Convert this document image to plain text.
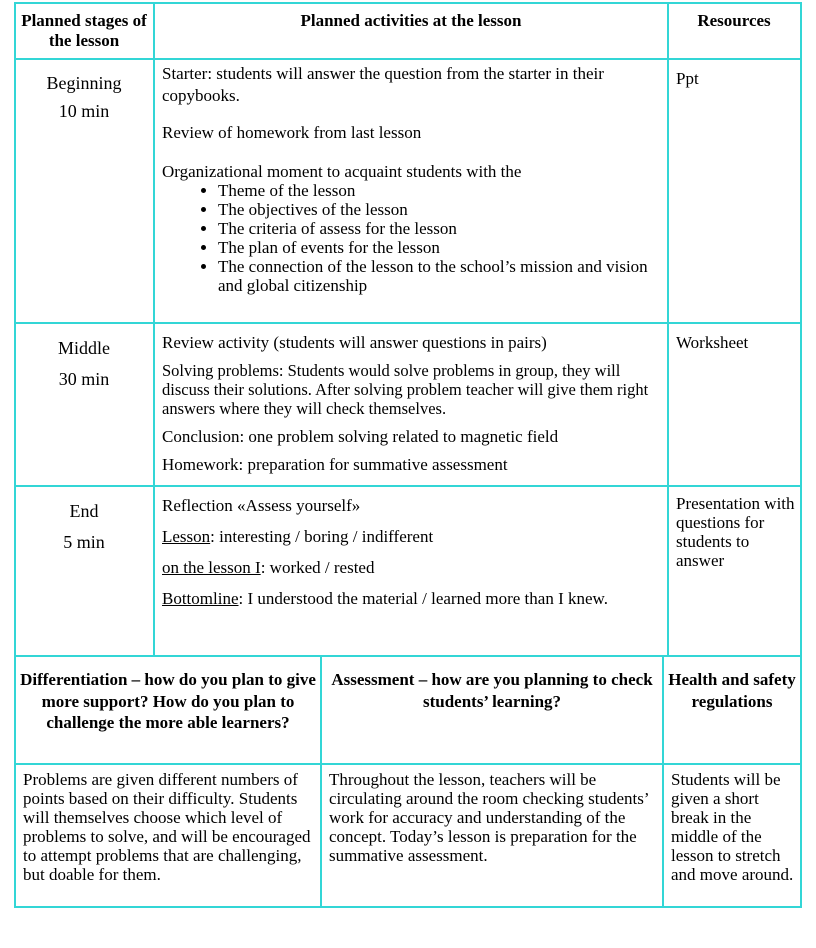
Planned stages of the lesson
Planned activities at the lesson	Resources
Beginning
10 min

Starter: students will answer the question from the starter in their copybooks.

Review of homework from last lesson

Organizational moment to acquaint students with the

• Theme of the lesson
• The objectives of the lesson
• The criteria of assess for the lesson
• The plan of events for the lesson
• The connection of the lesson to the school’s mission and vision and global citizenship
Ppt
Middle
30 min

Review activity (students will answer questions in pairs)

Solving problems: Students would solve problems in group, they will discuss their solutions. After solving problem teacher will give them right answers where they will check themselves.

Conclusion: one problem solving related to magnetic field

Homework: preparation for summative assessment

Worksheet
End
5 min

Reflection «Assess yourself»

Lesson: interesting / boring / indifferent

on the lesson I: worked / rested

Bottomline: I understood the material / learned more than I knew.

Presentation with questions for students to answer
Differentiation – how do you plan to give more support? How do you plan to challenge the more able learners?
Assessment – how are you planning to check students’ learning?
Health and safety regulations
Problems are given different numbers of points based on their difficulty. Students will themselves choose which level of problems to solve, and will be encouraged to attempt problems that are challenging, but doable for them.
Throughout the lesson, teachers will be circulating around the room checking students’ work for accuracy and understanding of the concept. Today’s lesson is preparation for the summative assessment.
Students will be given a short break in the middle of the lesson to stretch and move around.
